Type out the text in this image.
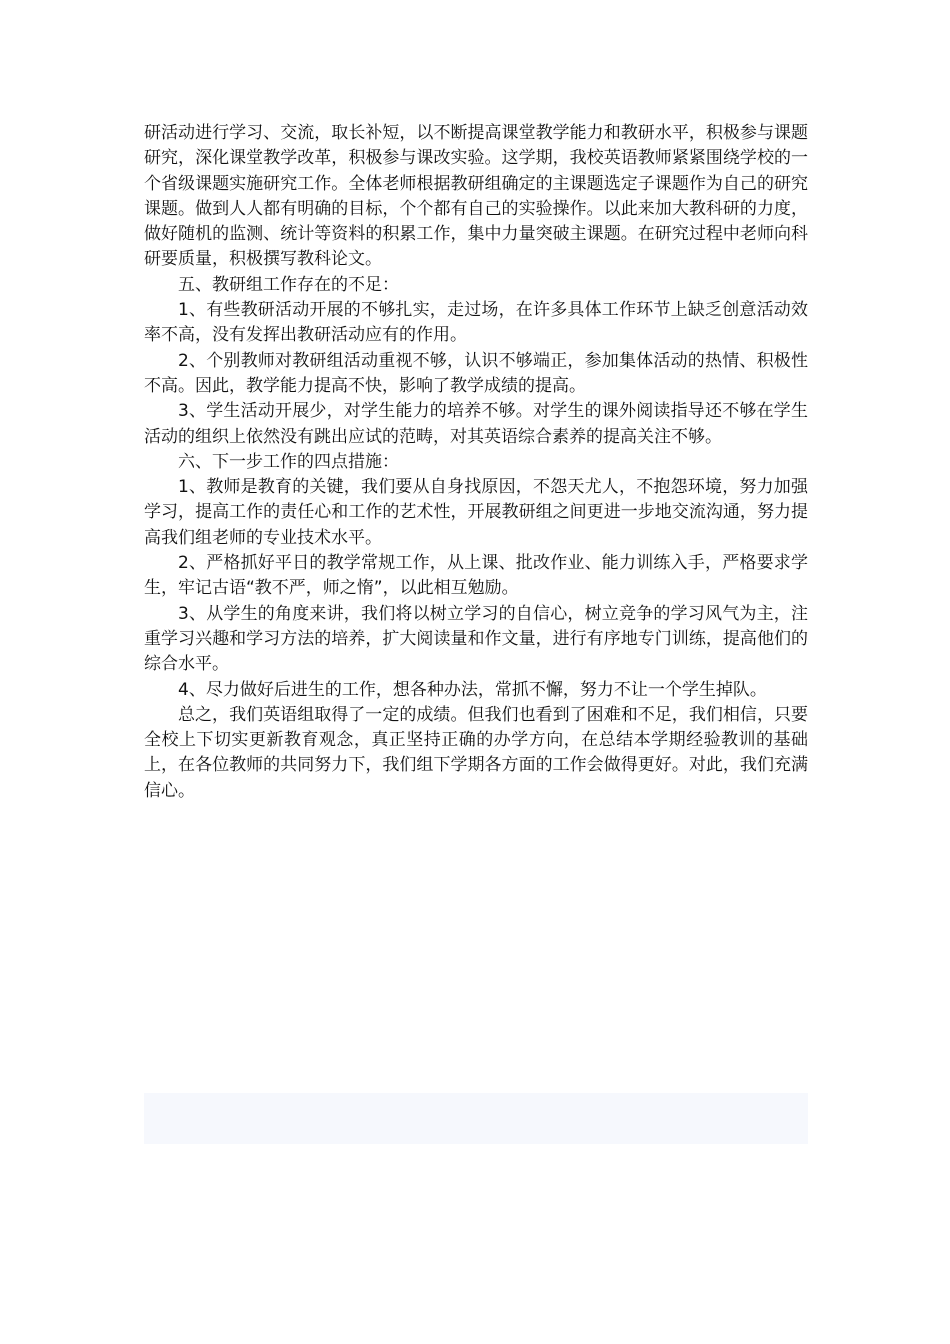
研活动进行学习、交流，取长补短，以不断提高课堂教学能力和教研水平，积极参与课题研究，深化课堂教学改革，积极参与课改实验。这学期，我校英语教师紧紧围绕学校的一个省级课题实施研究工作。全体老师根据教研组确定的主课题选定子课题作为自己的研究课题。做到人人都有明确的目标，个个都有自己的实验操作。以此来加大教科研的力度，做好随机的监测、统计等资料的积累工作，集中力量突破主课题。在研究过程中老师向科研要质量，积极撰写教科论文。

五、教研组工作存在的不足：

1、有些教研活动开展的不够扎实，走过场，在许多具体工作环节上缺乏创意活动效率不高，没有发挥出教研活动应有的作用。

2、个别教师对教研组活动重视不够，认识不够端正，参加集体活动的热情、积极性不高。因此，教学能力提高不快，影响了教学成绩的提高。

3、学生活动开展少，对学生能力的培养不够。对学生的课外阅读指导还不够在学生活动的组织上依然没有跳出应试的范畴，对其英语综合素养的提高关注不够。

六、下一步工作的四点措施：

1、教师是教育的关键，我们要从自身找原因，不怨天尤人，不抱怨环境，努力加强学习，提高工作的责任心和工作的艺术性，开展教研组之间更进一步地交流沟通，努力提高我们组老师的专业技术水平。

2、严格抓好平日的教学常规工作，从上课、批改作业、能力训练入手，严格要求学生，牢记古语“教不严，师之惰”，以此相互勉励。

3、从学生的角度来讲，我们将以树立学习的自信心，树立竞争的学习风气为主，注重学习兴趣和学习方法的培养，扩大阅读量和作文量，进行有序地专门训练，提高他们的综合水平。

4、尽力做好后进生的工作，想各种办法，常抓不懈，努力不让一个学生掉队。

总之，我们英语组取得了一定的成绩。但我们也看到了困难和不足，我们相信，只要全校上下切实更新教育观念，真正坚持正确的办学方向，在总结本学期经验教训的基础上，在各位教师的共同努力下，我们组下学期各方面的工作会做得更好。对此，我们充满信心。
